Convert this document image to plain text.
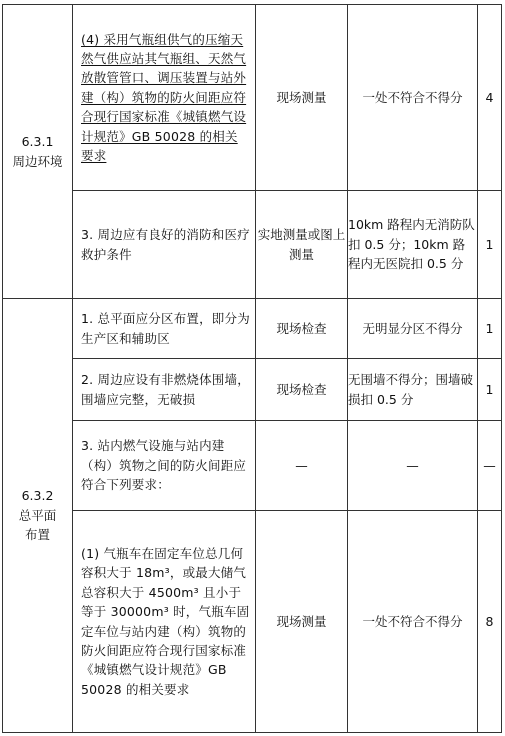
6.3.1
周边环境	(4) 采用气瓶组供气的压缩天然气供应站其气瓶组、天然气放散管管口、调压装置与站外建（构）筑物的防火间距应符合现行国家标准《城镇燃气设计规范》GB 50028 的相关要求	现场测量	一处不符合不得分	4
	3. 周边应有良好的消防和医疗救护条件	实地测量或图上测量	10km 路程内无消防队扣 0.5 分；10km 路程内无医院扣 0.5 分	1

6.3.2
总平面布置	1. 总平面应分区布置，即分为生产区和辅助区	现场检查	无明显分区不得分	1
	2. 周边应设有非燃烧体围墙，围墙应完整，无破损	现场检查	无围墙不得分；围墙破损扣 0.5 分	1
	3. 站内燃气设施与站内建（构）筑物之间的防火间距应符合下列要求：	—	—	—
	(1) 气瓶车在固定车位总几何容积大于 18m³，或最大储气总容积大于 4500m³ 且小于等于 30000m³ 时，气瓶车固定车位与站内建（构）筑物的防火间距应符合现行国家标准《城镇燃气设计规范》GB 50028 的相关要求	现场测量	一处不符合不得分	8
